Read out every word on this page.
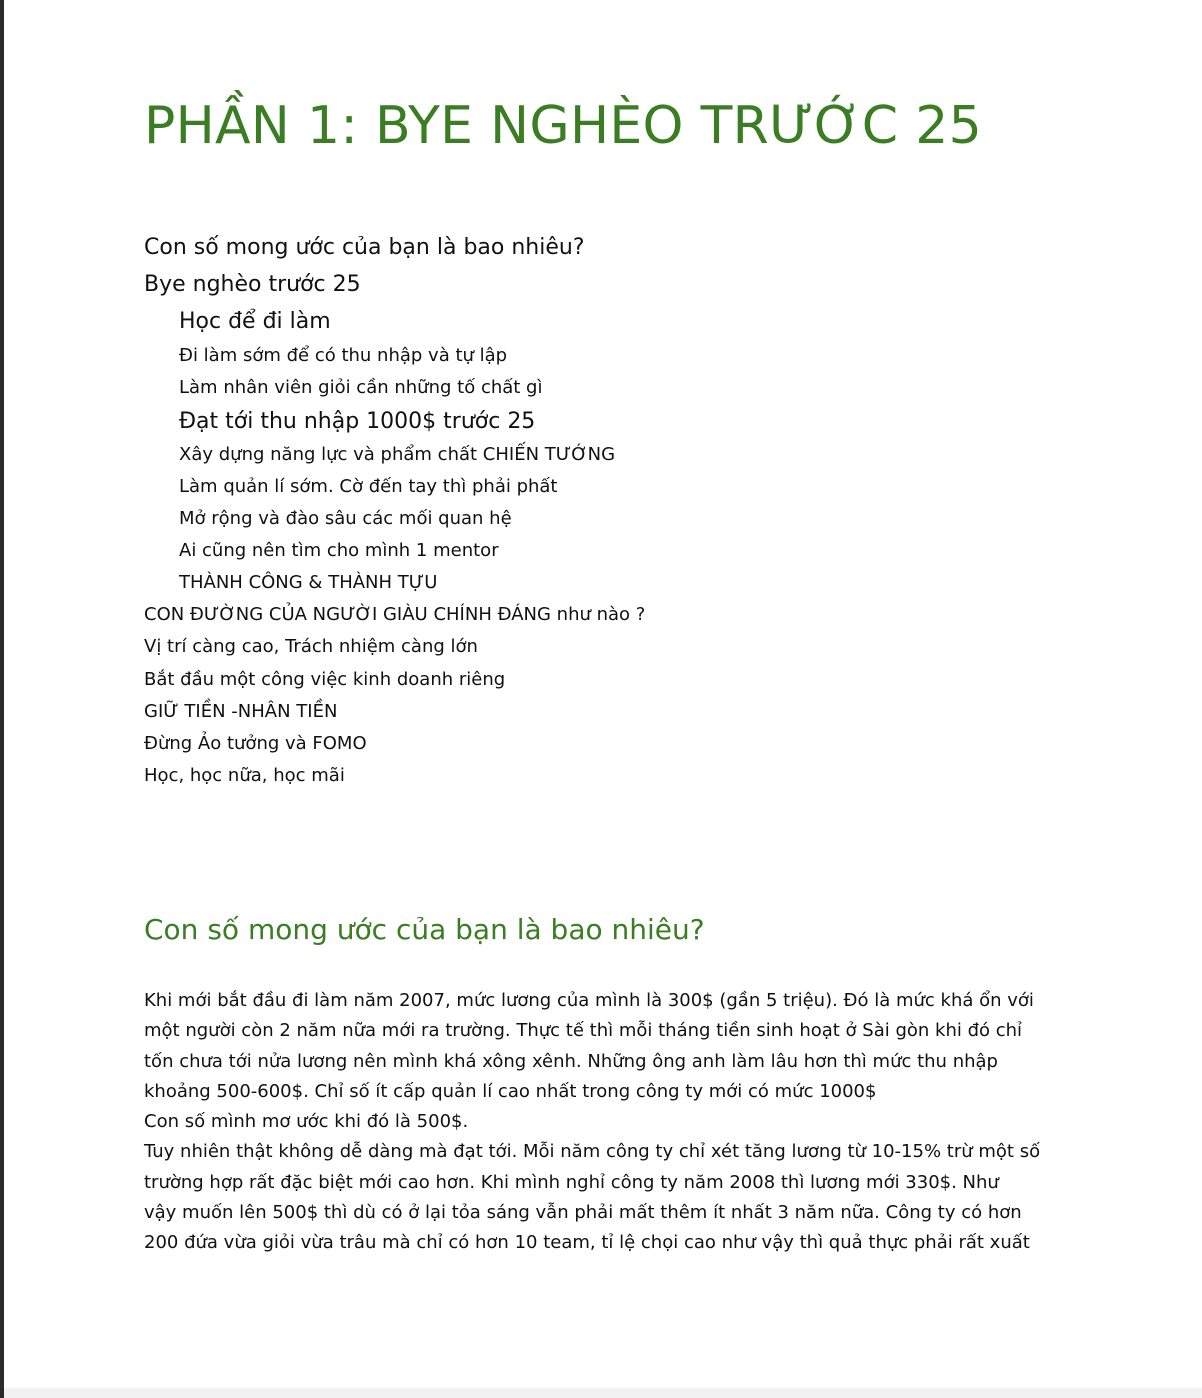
PHẦN 1: BYE NGHÈO TRƯỚC 25
Con số mong ước của bạn là bao nhiêu?
Bye nghèo trước 25
Học để đi làm
Đi làm sớm để có thu nhập và tự lập
Làm nhân viên giỏi cần những tố chất gì
Đạt tới thu nhập 1000$ trước 25
Xây dựng năng lực và phẩm chất CHIẾN TƯỚNG
Làm quản lí sớm. Cờ đến tay thì phải phất
Mở rộng và đào sâu các mối quan hệ
Ai cũng nên tìm cho mình 1 mentor
THÀNH CÔNG & THÀNH TỰU
CON ĐƯỜNG CỦA NGƯỜI GIÀU CHÍNH ĐÁNG như nào ?
Vị trí càng cao, Trách nhiệm càng lớn
Bắt đầu một công việc kinh doanh riêng
GIỮ TIỀN -NHÂN TIỀN
Đừng Ảo tưởng và FOMO
Học, học nữa, học mãi
Con số mong ước của bạn là bao nhiêu?

Khi mới bắt đầu đi làm năm 2007, mức lương của mình là 300$ (gần 5 triệu). Đó là mức khá ổn với
một người còn 2 năm nữa mới ra trường. Thực tế thì mỗi tháng tiền sinh hoạt ở Sài gòn khi đó chỉ
tốn chưa tới nửa lương nên mình khá xông xênh. Những ông anh làm lâu hơn thì mức thu nhập
khoảng 500-600$. Chỉ số ít cấp quản lí cao nhất trong công ty mới có mức 1000$
Con số mình mơ ước khi đó là 500$.
Tuy nhiên thật không dễ dàng mà đạt tới. Mỗi năm công ty chỉ xét tăng lương từ 10-15% trừ một số
trường hợp rất đặc biệt mới cao hơn. Khi mình nghỉ công ty năm 2008 thì lương mới 330$. Như
vậy muốn lên 500$ thì dù có ở lại tỏa sáng vẫn phải mất thêm ít nhất 3 năm nữa. Công ty có hơn
200 đứa vừa giỏi vừa trâu mà chỉ có hơn 10 team, tỉ lệ chọi cao như vậy thì quả thực phải rất xuất
